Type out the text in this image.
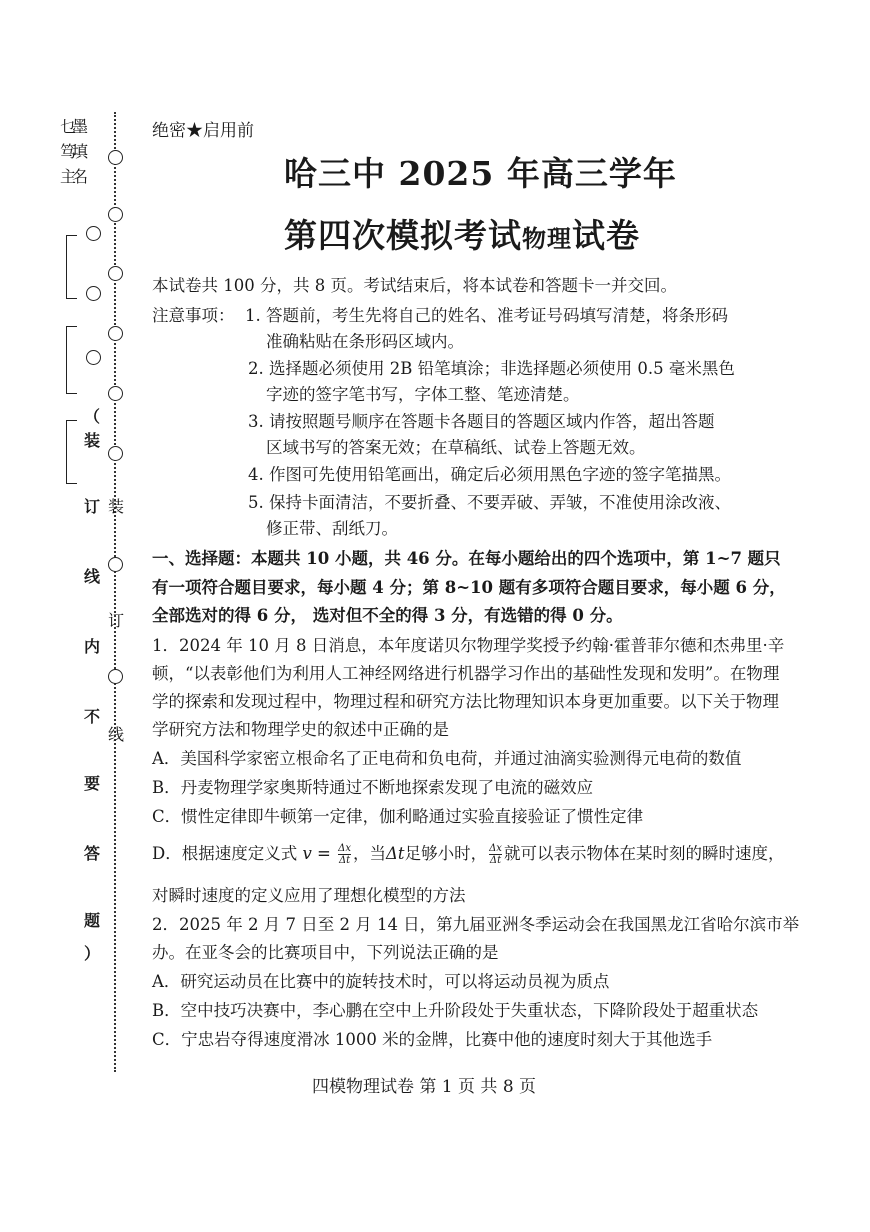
乜
笃
主
墨
填
名
（
装
订
线
内
不
要
答
题
）
装
订
线
绝密★启用前
哈三中 2025 年高三学年
第四次模拟考试物理试卷
本试卷共 100 分，共 8 页。考试结束后，将本试卷和答题卡一并交回。
注意事项： 1. 答题前，考生先将自己的姓名、准考证号码填写清楚，将条形码
准确粘贴在条形码区域内。
2. 选择题必须使用 2B 铅笔填涂；非选择题必须使用 0.5 毫米黑色
字迹的签字笔书写，字体工整、笔迹清楚。
3. 请按照题号顺序在答题卡各题目的答题区域内作答，超出答题
区域书写的答案无效；在草稿纸、试卷上答题无效。
4. 作图可先使用铅笔画出，确定后必须用黑色字迹的签字笔描黑。
5. 保持卡面清洁，不要折叠、不要弄破、弄皱，不准使用涂改液、
修正带、刮纸刀。
一、选择题：本题共 10 小题，共 46 分。在每小题给出的四个选项中，第 1~7 题只
有一项符合题目要求，每小题 4 分；第 8~10 题有多项符合题目要求，每小题 6 分，
全部选对的得 6 分， 选对但不全的得 3 分，有选错的得 0 分。
1．2024 年 10 月 8 日消息，本年度诺贝尔物理学奖授予约翰·霍普菲尔德和杰弗里·辛
顿，“以表彰他们为利用人工神经网络进行机器学习作出的基础性发现和发明”。在物理
学的探索和发现过程中，物理过程和研究方法比物理知识本身更加重要。以下关于物理
学研究方法和物理学史的叙述中正确的是
A．美国科学家密立根命名了正电荷和负电荷，并通过油滴实验测得元电荷的数值
B．丹麦物理学家奥斯特通过不断地探索发现了电流的磁效应
C．惯性定律即牛顿第一定律，伽利略通过实验直接验证了惯性定律
D．根据速度定义式 $v = \frac{\Delta x}{\Delta t}$ ，当Δt足够小时， $\frac{\Delta x}{\Delta t}$ 就可以表示物体在某时刻的瞬时速度，
对瞬时速度的定义应用了理想化模型的方法
2．2025 年 2 月 7 日至 2 月 14 日，第九届亚洲冬季运动会在我国黑龙江省哈尔滨市举
办。在亚冬会的比赛项目中，下列说法正确的是
A．研究运动员在比赛中的旋转技术时，可以将运动员视为质点
B．空中技巧决赛中，李心鹏在空中上升阶段处于失重状态，下降阶段处于超重状态
C．宁忠岩夺得速度滑冰 1000 米的金牌，比赛中他的速度时刻大于其他选手
四模物理试卷 第 1 页 共 8 页
